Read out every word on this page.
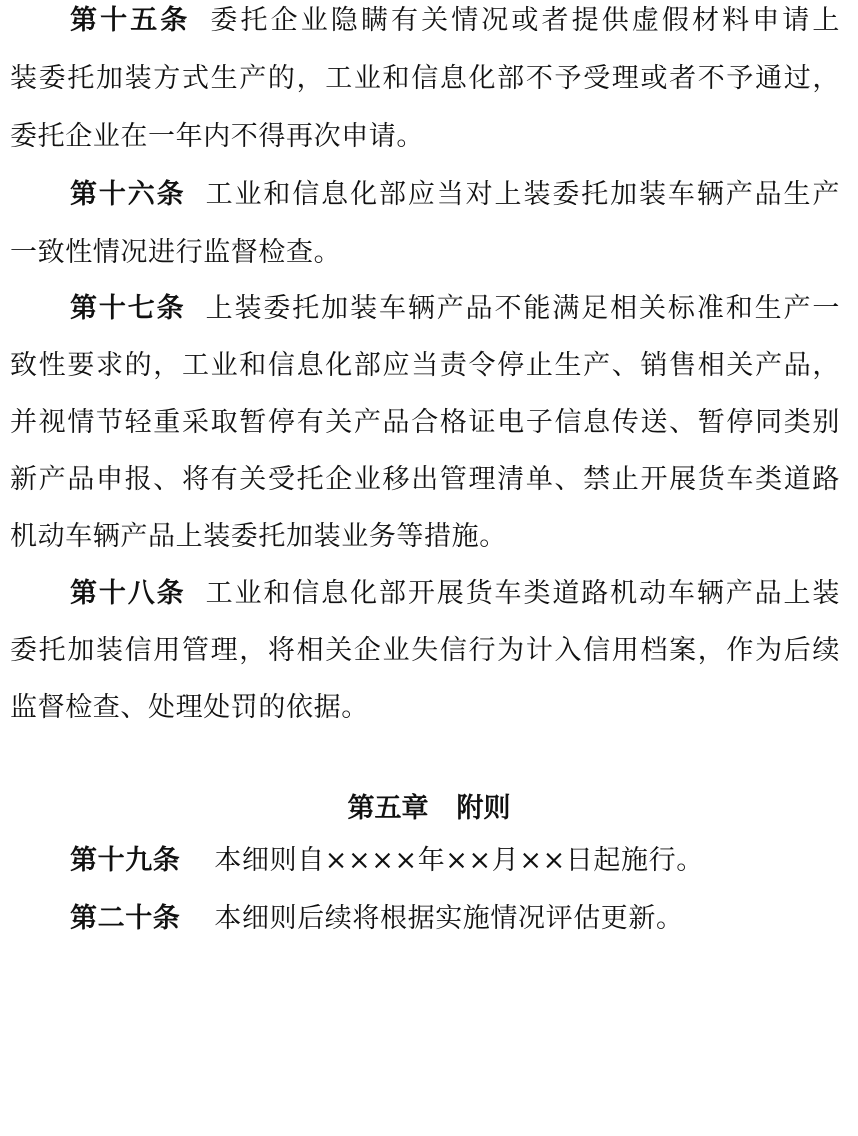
第十五条 委托企业隐瞒有关情况或者提供虚假材料申请上
装委托加装方式生产的，工业和信息化部不予受理或者不予通过，
委托企业在一年内不得再次申请。
第十六条 工业和信息化部应当对上装委托加装车辆产品生产
一致性情况进行监督检查。
第十七条 上装委托加装车辆产品不能满足相关标准和生产一
致性要求的，工业和信息化部应当责令停止生产、销售相关产品，
并视情节轻重采取暂停有关产品合格证电子信息传送、暂停同类别
新产品申报、将有关受托企业移出管理清单、禁止开展货车类道路
机动车辆产品上装委托加装业务等措施。
第十八条 工业和信息化部开展货车类道路机动车辆产品上装
委托加装信用管理，将相关企业失信行为计入信用档案，作为后续
监督检查、处理处罚的依据。
第五章 附则
第十九条 本细则自××××年××月××日起施行。
第二十条 本细则后续将根据实施情况评估更新。
